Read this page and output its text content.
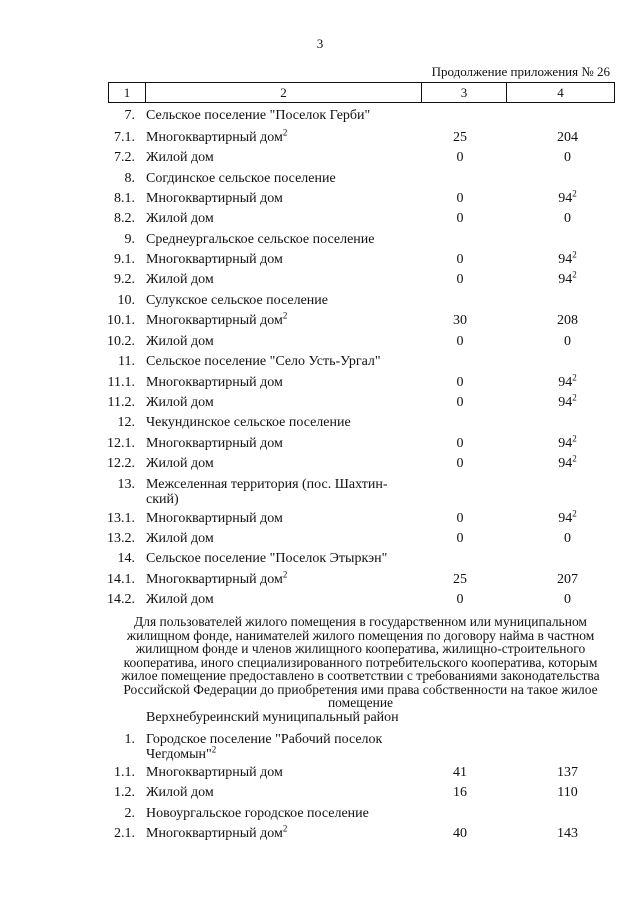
3
Продолжение приложения № 26
1	2	3	4
7. Сельское поселение "Поселок Герби"
7.1. Многоквартирный дом$^2$	25	204
7.2. Жилой дом	0	0
8. Согдинское сельское поселение
8.1. Многоквартирный дом	0	$94^2$
8.2. Жилой дом	0	0
9. Среднеургальское сельское поселение
9.1. Многоквартирный дом	0	$94^2$
9.2. Жилой дом	0	$94^2$
10. Сулукское сельское поселение
10.1. Многоквартирный дом$^2$	30	208
10.2. Жилой дом	0	0
11. Сельское поселение "Село Усть-Ургал"
11.1. Многоквартирный дом	0	$94^2$
11.2. Жилой дом	0	$94^2$
12. Чекундинское сельское поселение
12.1. Многоквартирный дом	0	$94^2$
12.2. Жилой дом	0	$94^2$
13. Межселенная территория (пос. Шахтин-ский)
13.1. Многоквартирный дом	0	$94^2$
13.2. Жилой дом	0	0
14. Сельское поселение "Поселок Этыркэн"
14.1. Многоквартирный дом$^2$	25	207
14.2. Жилой дом	0	0
Для пользователей жилого помещения в государственном или муниципальном жилищном фонде, нанимателей жилого помещения по договору найма в частном жилищном фонде и членов жилищного кооператива, жилищно-строительного кооператива, иного специализированного потребительского кооператива, которым жилое помещение предоставлено в соответствии с требованиями законодательства Российской Федерации до приобретения ими права собственности на такое жилое помещение
Верхнебуреинский муниципальный район
1. Городское поселение "Рабочий поселок Чегдомын"$^2$
1.1. Многоквартирный дом	41	137
1.2. Жилой дом	16	110
2. Новоургальское городское поселение
2.1. Многоквартирный дом$^2$	40	143
